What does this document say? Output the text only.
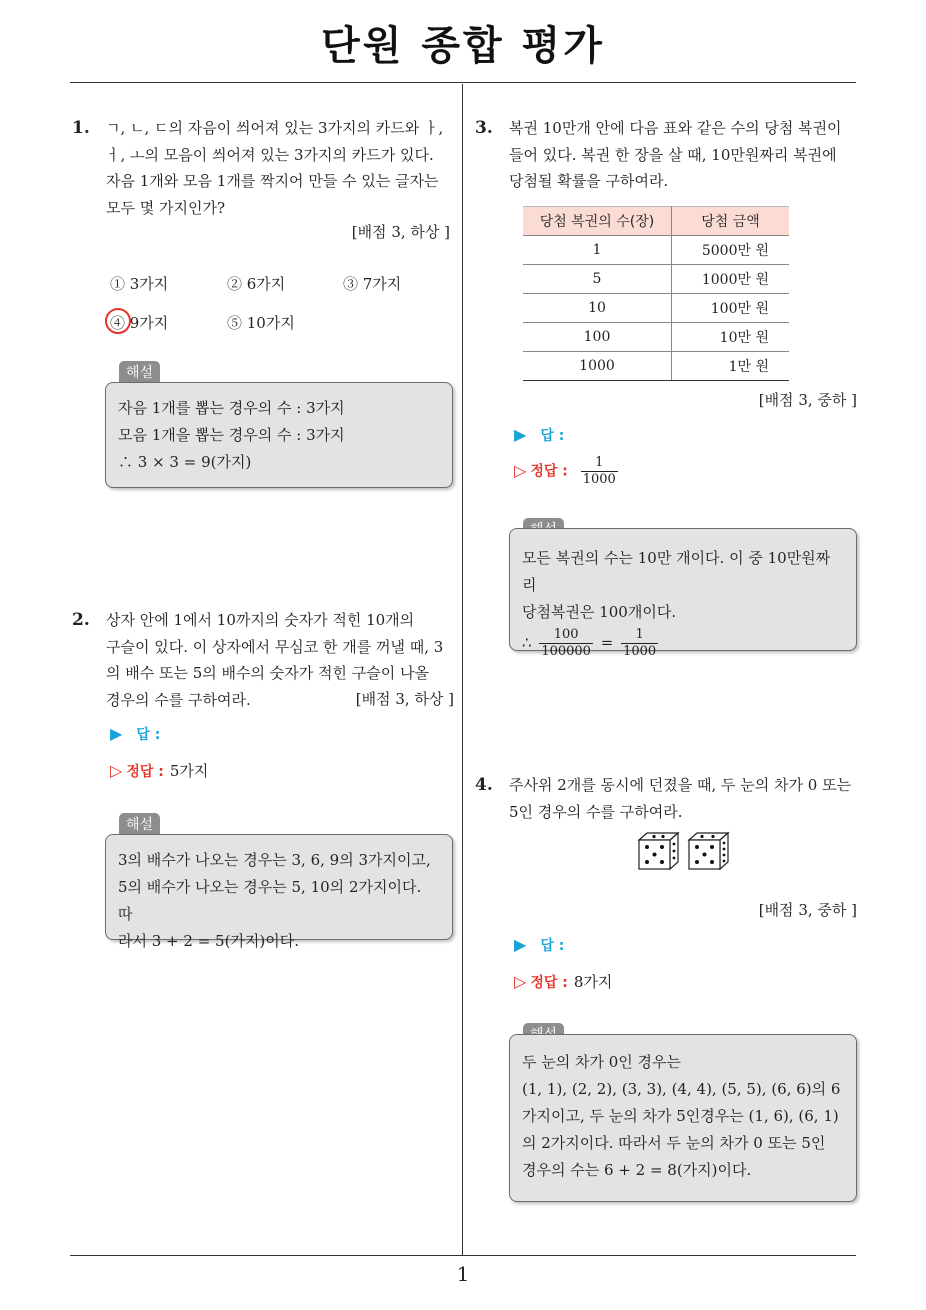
단원 종합 평가
1
1. ㄱ, ㄴ, ㄷ의 자음이 씌어져 있는 3가지의 카드와 ㅏ,
ㅓ, ㅗ의 모음이 씌어져 있는 3가지의 카드가 있다.
자음 1개와 모음 1개를 짝지어 만들 수 있는 글자는
모두 몇 가지인가?
[배점 3, 하상 ]
① 3가지	② 6가지	③ 7가지
④ 9가지	⑤ 10가지
해설
자음 1개를 뽑는 경우의 수 : 3가지
모음 1개을 뽑는 경우의 수 : 3가지
∴ 3 × 3 = 9(가지)
2. 상자 안에 1에서 10까지의 숫자가 적힌 10개의
구슬이 있다. 이 상자에서 무심코 한 개를 꺼낼 때, 3
의 배수 또는 5의 배수의 숫자가 적힌 구슬이 나올
경우의 수를 구하여라.	[배점 3, 하상 ]
▶ 답 :
▷ 정답 : 5가지
해설
3의 배수가 나오는 경우는 3, 6, 9의 3가지이고,
5의 배수가 나오는 경우는 5, 10의 2가지이다. 따
라서 3 + 2 = 5(가지)이다.
3. 복권 10만개 안에 다음 표와 같은 수의 당첨 복권이
들어 있다. 복권 한 장을 살 때, 10만원짜리 복권에
당첨될 확률을 구하여라.
당첨 복권의 수(장)	당첨 금액
1	5000만 원
5	1000만 원
10	100만 원
100	10만 원
1000	1만 원
[배점 3, 중하 ]
▶ 답 :
▷ 정답 : $\frac{1}{1000}$
모든 복권의 수는 10만 개이다. 이 중 10만원짜리
당첨복권은 100개이다.
∴ $\frac{100}{100000} = \frac{1}{1000}$
4. 주사위 2개를 동시에 던졌을 때, 두 눈의 차가 0 또는
5인 경우의 수를 구하여라.
[배점 3, 중하 ]
▶ 답 :
▷ 정답 : 8가지
두 눈의 차가 0인 경우는
(1, 1), (2, 2), (3, 3), (4, 4), (5, 5), (6, 6)의 6
가지이고, 두 눈의 차가 5인경우는 (1, 6), (6, 1)
의 2가지이다. 따라서 두 눈의 차가 0 또는 5인
경우의 수는 6 + 2 = 8(가지)이다.
